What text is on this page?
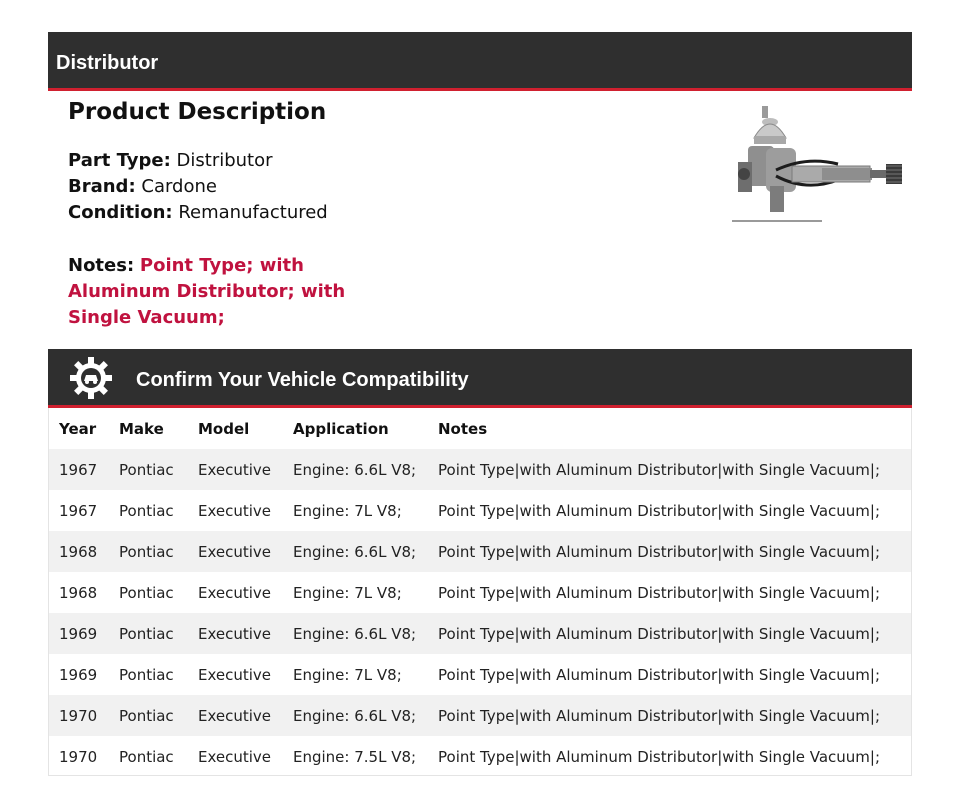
Distributor
Product Description
Part Type: Distributor
Brand: Cardone
Condition: Remanufactured
Notes: Point Type; with Aluminum Distributor; with Single Vacuum;
Confirm Your Vehicle Compatibility
Year	Make	Model	Application	Notes
1967	Pontiac	Executive	Engine: 6.6L V8;	Point Type|with Aluminum Distributor|with Single Vacuum|;
1967	Pontiac	Executive	Engine: 7L V8;	Point Type|with Aluminum Distributor|with Single Vacuum|;
1968	Pontiac	Executive	Engine: 6.6L V8;	Point Type|with Aluminum Distributor|with Single Vacuum|;
1968	Pontiac	Executive	Engine: 7L V8;	Point Type|with Aluminum Distributor|with Single Vacuum|;
1969	Pontiac	Executive	Engine: 6.6L V8;	Point Type|with Aluminum Distributor|with Single Vacuum|;
1969	Pontiac	Executive	Engine: 7L V8;	Point Type|with Aluminum Distributor|with Single Vacuum|;
1970	Pontiac	Executive	Engine: 6.6L V8;	Point Type|with Aluminum Distributor|with Single Vacuum|;
1970	Pontiac	Executive	Engine: 7.5L V8;	Point Type|with Aluminum Distributor|with Single Vacuum|;
